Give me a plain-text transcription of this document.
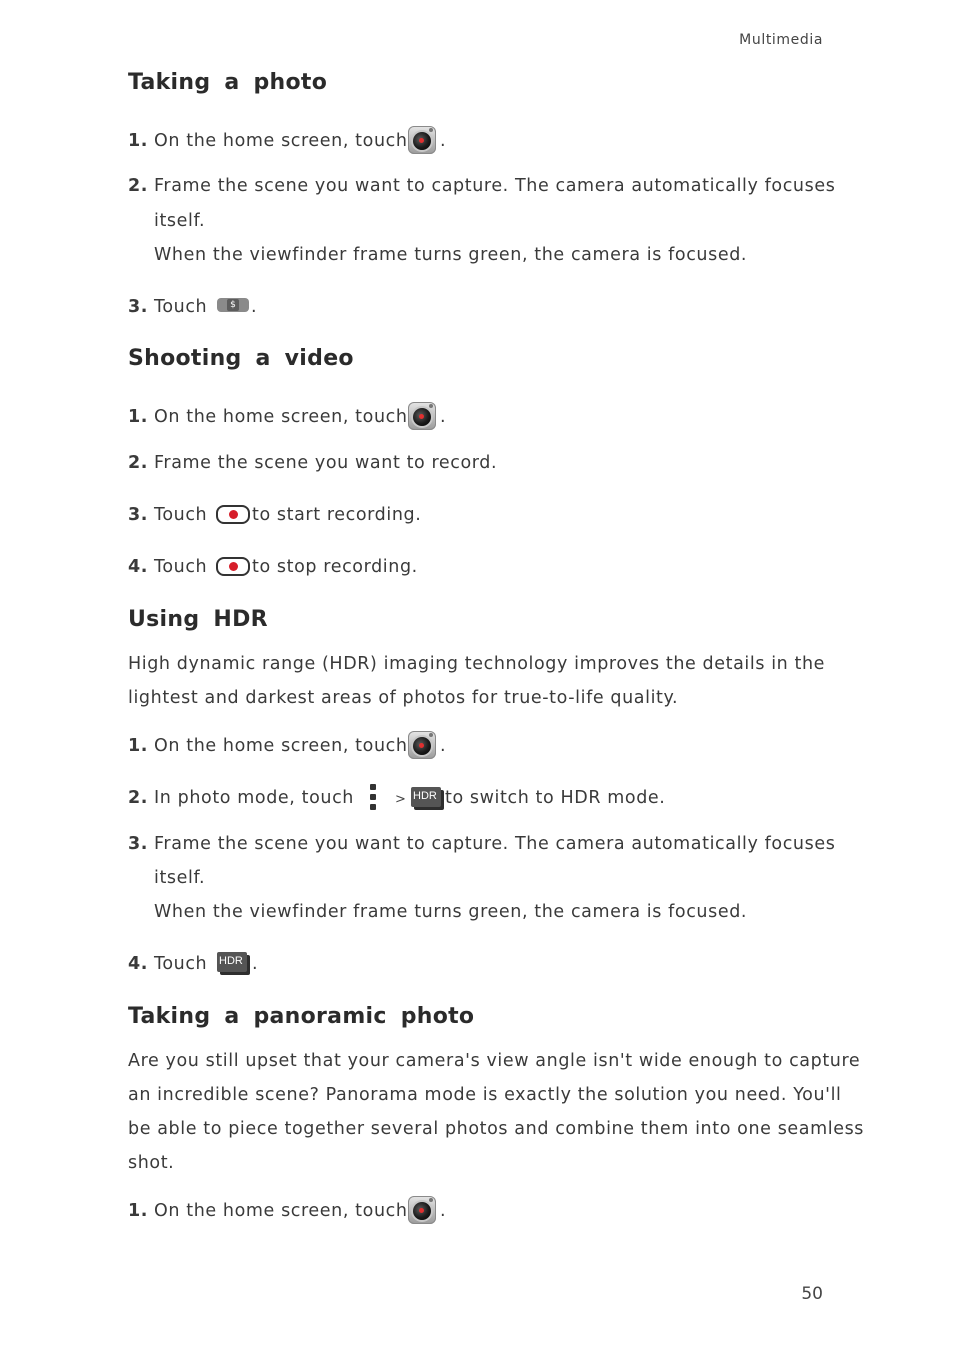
Multimedia
Taking a photo
1. On the home screen, touch .
2. Frame the scene you want to capture. The camera automatically focuses
itself.
When the viewfinder frame turns green, the camera is focused.
3. Touch	$ .
Shooting a video
1. On the home screen, touch .
2. Frame the scene you want to record.
3. Touch	to start recording.
4. Touch	to stop recording.
Using HDR
High dynamic range (HDR) imaging technology improves the details in the
lightest and darkest areas of photos for true-to-life quality.
1. On the home screen, touch .
2. In photo mode, touch	> HDR to switch to HDR mode.
3. Frame the scene you want to capture. The camera automatically focuses
itself.
When the viewfinder frame turns green, the camera is focused.
4. Touch HDR .
Taking a panoramic photo
Are you still upset that your camera's view angle isn't wide enough to capture
an incredible scene? Panorama mode is exactly the solution you need. You'll
be able to piece together several photos and combine them into one seamless
shot.
1. On the home screen, touch .
50
